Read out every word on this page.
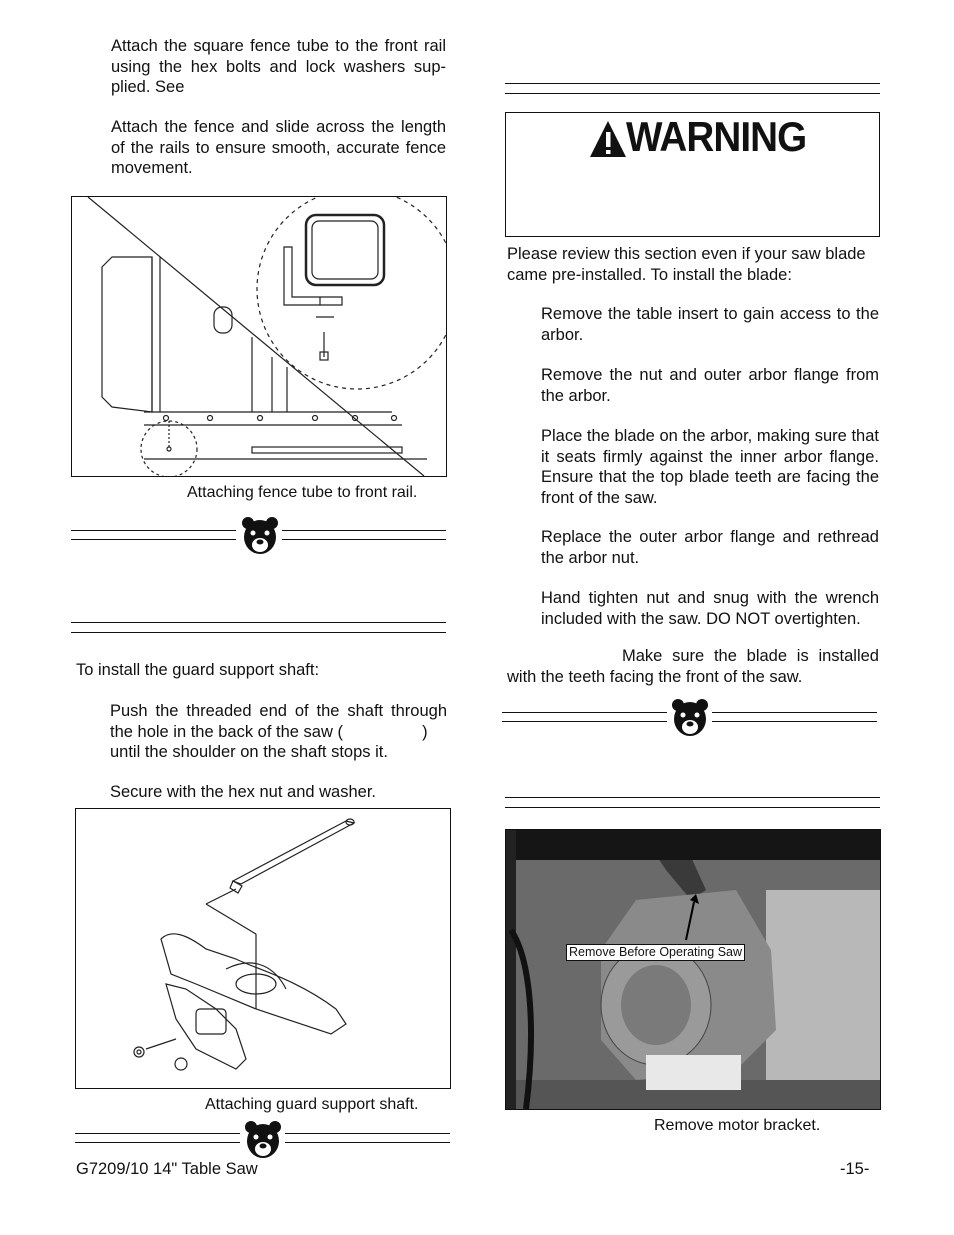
Attach the square fence tube to the front rail using the hex bolts and lock washers sup-plied. See
Attach the fence and slide across the length of the rails to ensure smooth, accurate fence movement.
Attaching fence tube to front rail.
To install the guard support shaft:
Push the threaded end of the shaft through the hole in the back of the saw (	)
until the shoulder on the shaft stops it.
Secure with the hex nut and washer.
Attaching guard support shaft.
WARNING
Please review this section even if your saw blade came pre-installed. To install the blade:
Remove the table insert to gain access to the arbor.
Remove the nut and outer arbor flange from the arbor.
Place the blade on the arbor, making sure that it seats firmly against the inner arbor flange. Ensure that the top blade teeth are facing the front of the saw.
Replace the outer arbor flange and rethread the arbor nut.
Hand tighten nut and snug with the wrench included with the saw. DO NOT overtighten.
Make sure the blade is installed with the teeth facing the front of the saw.
Remove Before Operating Saw
Remove motor bracket.
G7209/10 14" Table Saw	-15-
